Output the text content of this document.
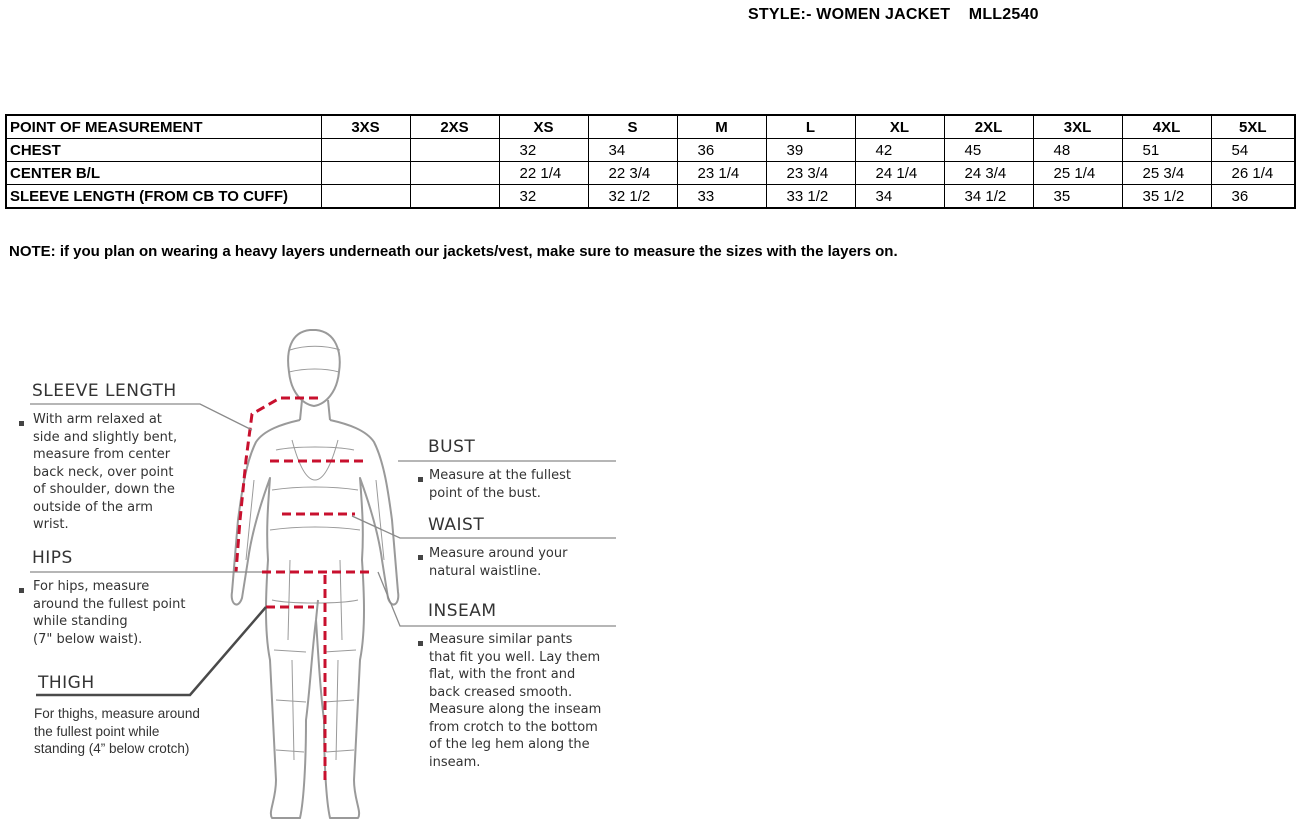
STYLE:- WOMEN JACKET    MLL2540
POINT OF MEASUREMENT	3XS	2XS	XS	S	M	L	XL	2XL	3XL	4XL	5XL
CHEST			32	34	36	39	42	45	48	51	54
CENTER B/L			22 1/4	22 3/4	23 1/4	23 3/4	24 1/4	24 3/4	25 1/4	25 3/4	26 1/4
SLEEVE LENGTH (FROM CB TO CUFF)			32	32 1/2	33	33 1/2	34	34 1/2	35	35 1/2	36
NOTE: if you plan on wearing a heavy layers underneath our jackets/vest, make sure to measure the sizes with the layers on.
SLEEVE LENGTH
With arm relaxed at
side and slightly bent,
measure from center
back neck, over point
of shoulder, down the
outside of the arm
wrist.
HIPS
For hips, measure
around the fullest point
while standing
(7" below waist).
THIGH
For thighs, measure around
the fullest point while
standing (4” below crotch)
BUST
Measure at the fullest
point of the bust.
WAIST
Measure around your
natural waistline.
INSEAM
Measure similar pants
that fit you well. Lay them
flat, with the front and
back creased smooth.
Measure along the inseam
from crotch to the bottom
of the leg hem along the
inseam.
